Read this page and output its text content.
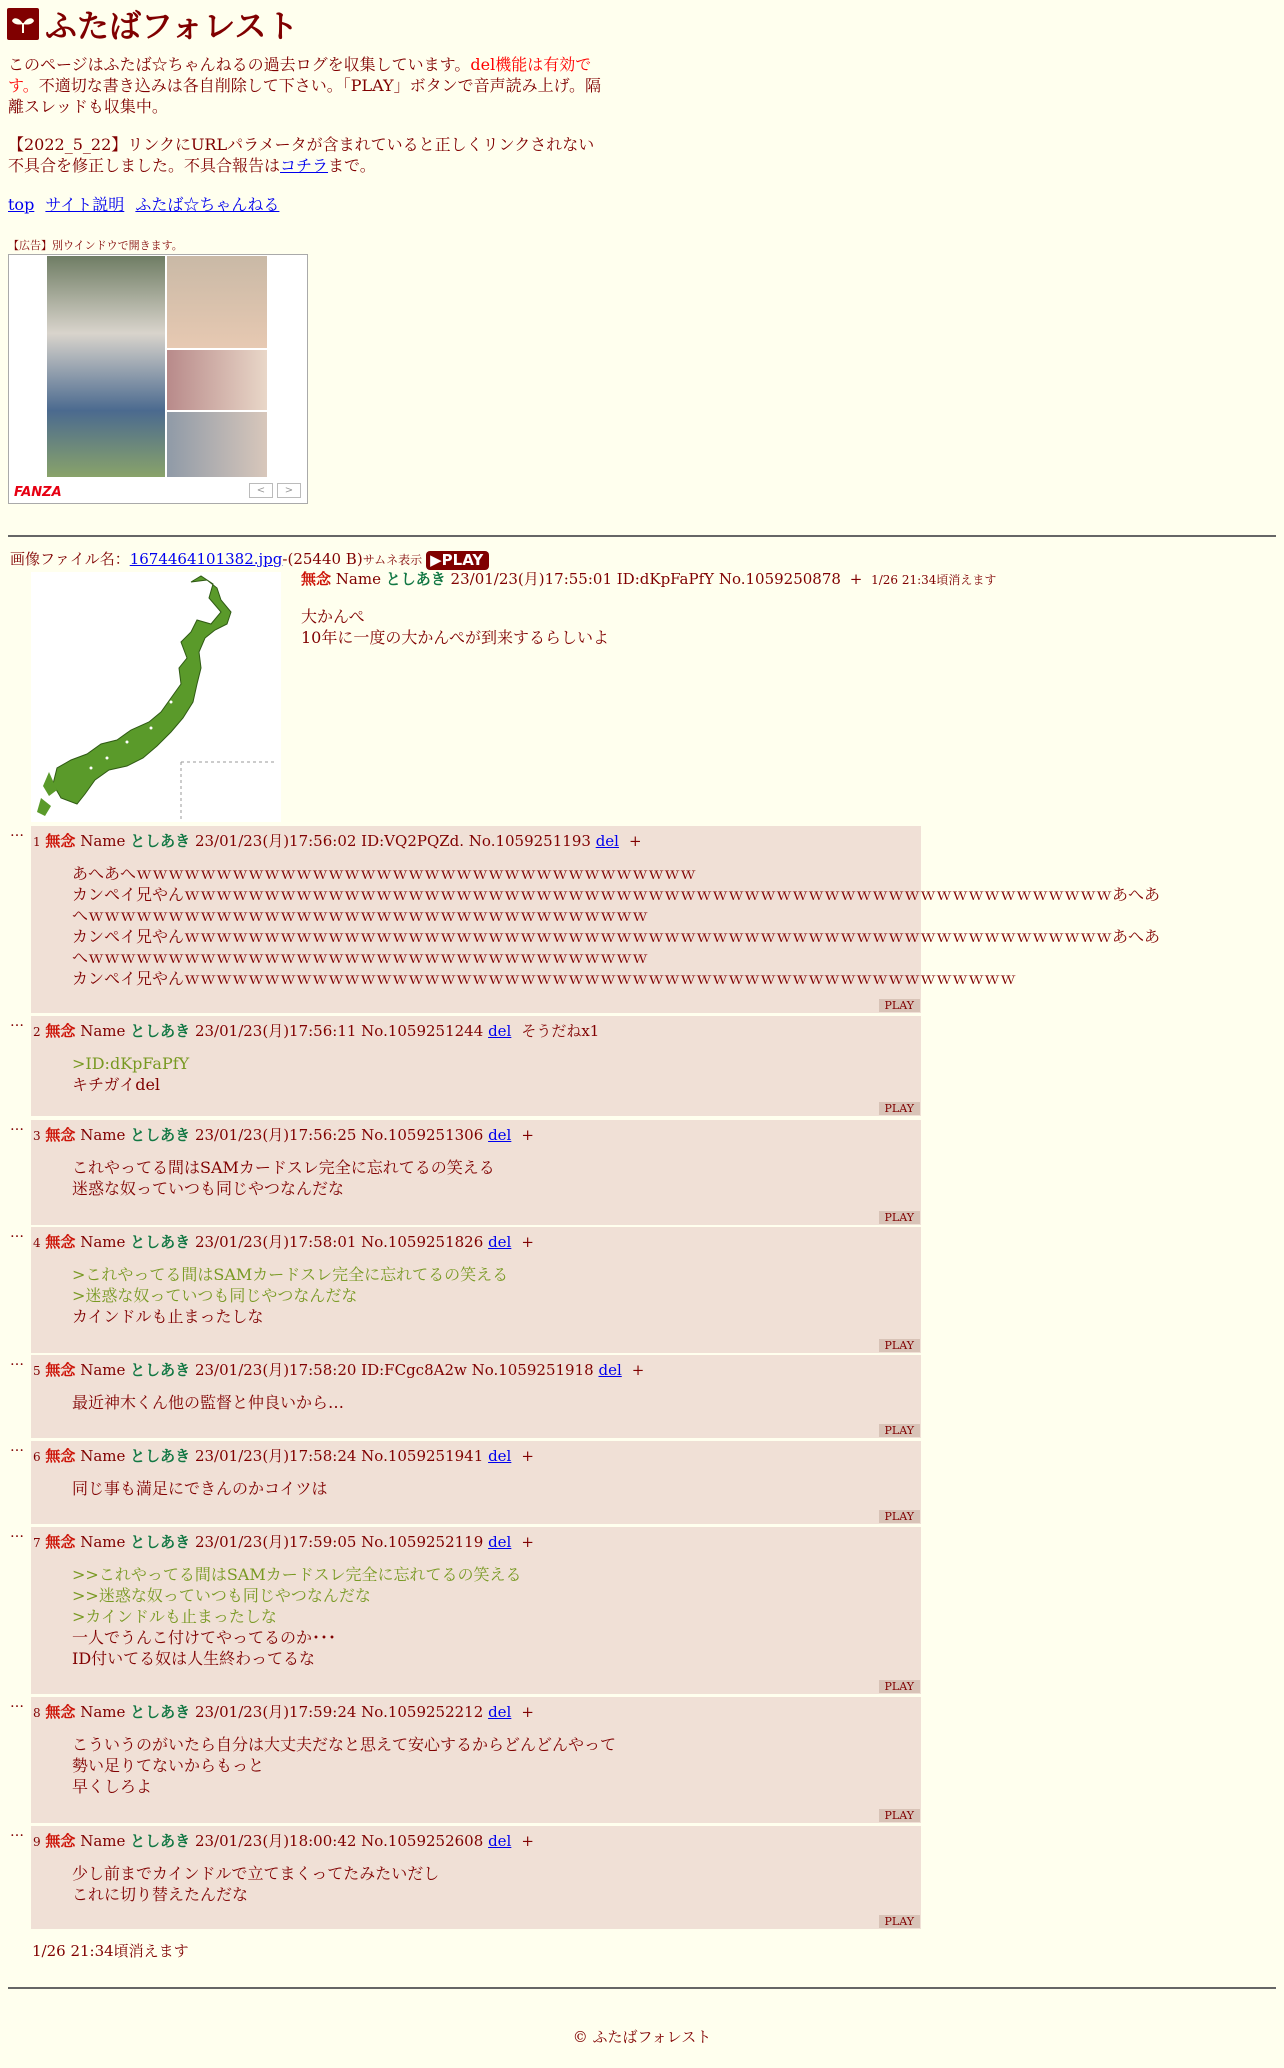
ふたばフォレスト
このページはふたば☆ちゃんねるの過去ログを収集しています。del機能は有効です。不適切な書き込みは各自削除して下さい。「PLAY」ボタンで音声読み上げ。隔離スレッドも収集中。
【2022_5_22】リンクにURLパラメータが含まれていると正しくリンクされない不具合を修正しました。不具合報告はコチラまで。
top サイト説明 ふたば☆ちゃんねる
【広告】別ウインドウで開きます。
FANZA	<	>
画像ファイル名：1674464101382.jpg-(25440 B)サムネ表示 ▶PLAY
無念 Name としあき 23/01/23(月)17:55:01 ID:dKpFaPfY No.1059250878 + 1/26 21:34頃消えます
大かんぺ
10年に一度の大かんぺが到来するらしいよ
…
1 無念 Name としあき 23/01/23(月)17:56:02 ID:VQ2PQZd. No.1059251193 del +
あへあへｗｗｗｗｗｗｗｗｗｗｗｗｗｗｗｗｗｗｗｗｗｗｗｗｗｗｗｗｗｗｗｗｗｗｗ
カンペイ兄やんｗｗｗｗｗｗｗｗｗｗｗｗｗｗｗｗｗｗｗｗｗｗｗｗｗｗｗｗｗｗｗｗｗｗｗｗｗｗｗｗｗｗｗｗｗｗｗｗｗｗｗｗｗｗｗｗｗｗあへあ
へｗｗｗｗｗｗｗｗｗｗｗｗｗｗｗｗｗｗｗｗｗｗｗｗｗｗｗｗｗｗｗｗｗｗｗ
カンペイ兄やんｗｗｗｗｗｗｗｗｗｗｗｗｗｗｗｗｗｗｗｗｗｗｗｗｗｗｗｗｗｗｗｗｗｗｗｗｗｗｗｗｗｗｗｗｗｗｗｗｗｗｗｗｗｗｗｗｗｗあへあ
へｗｗｗｗｗｗｗｗｗｗｗｗｗｗｗｗｗｗｗｗｗｗｗｗｗｗｗｗｗｗｗｗｗｗｗ
カンペイ兄やんｗｗｗｗｗｗｗｗｗｗｗｗｗｗｗｗｗｗｗｗｗｗｗｗｗｗｗｗｗｗｗｗｗｗｗｗｗｗｗｗｗｗｗｗｗｗｗｗｗｗｗｗ
PLAY
…
2 無念 Name としあき 23/01/23(月)17:56:11 No.1059251244 del そうだねx1
>ID:dKpFaPfY
キチガイdel
PLAY
…
3 無念 Name としあき 23/01/23(月)17:56:25 No.1059251306 del +
これやってる間はSAMカードスレ完全に忘れてるの笑える
迷惑な奴っていつも同じやつなんだな
PLAY
…
4 無念 Name としあき 23/01/23(月)17:58:01 No.1059251826 del +
>これやってる間はSAMカードスレ完全に忘れてるの笑える
>迷惑な奴っていつも同じやつなんだな
カインドルも止まったしな
PLAY
…
5 無念 Name としあき 23/01/23(月)17:58:20 ID:FCgc8A2w No.1059251918 del +
最近神木くん他の監督と仲良いから…
PLAY
…
6 無念 Name としあき 23/01/23(月)17:58:24 No.1059251941 del +
同じ事も満足にできんのかコイツは
PLAY
…
7 無念 Name としあき 23/01/23(月)17:59:05 No.1059252119 del +
>>これやってる間はSAMカードスレ完全に忘れてるの笑える
>>迷惑な奴っていつも同じやつなんだな
>カインドルも止まったしな
一人でうんこ付けてやってるのか･･･
ID付いてる奴は人生終わってるな
PLAY
…
8 無念 Name としあき 23/01/23(月)17:59:24 No.1059252212 del +
こういうのがいたら自分は大丈夫だなと思えて安心するからどんどんやって
勢い足りてないからもっと
早くしろよ
PLAY
…
9 無念 Name としあき 23/01/23(月)18:00:42 No.1059252608 del +
少し前までカインドルで立てまくってたみたいだし
これに切り替えたんだな
PLAY
1/26 21:34頃消えます
© ふたばフォレスト
